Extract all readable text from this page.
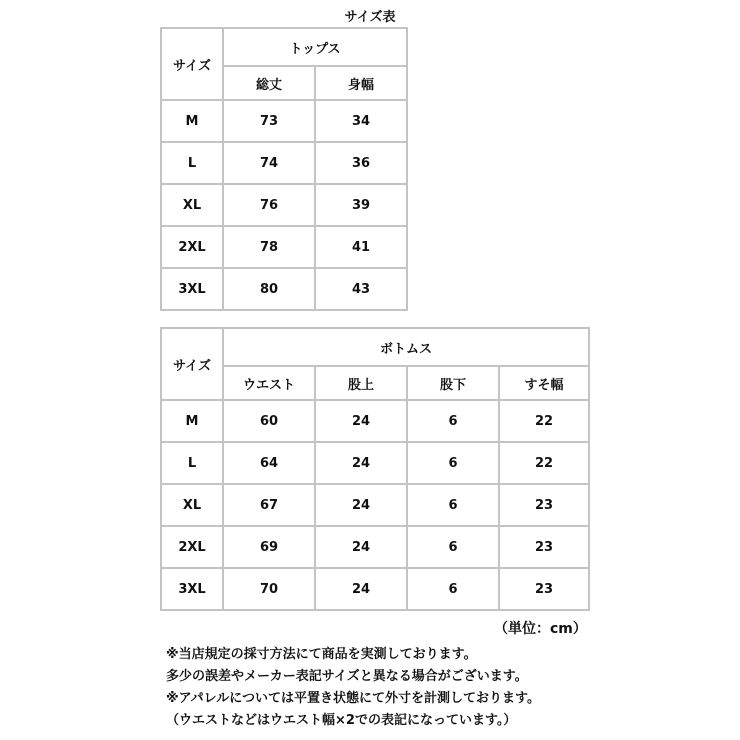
サイズ表
サイズ	トップス	
	総丈	身幅
M	73	34
L	74	36
XL	76	39
2XL	78	41
3XL	80	43
サイズ	ボトムス			
	ウエスト	股上	股下	すそ幅
M	60	24	6	22
L	64	24	6	22
XL	67	24	6	23
2XL	69	24	6	23
3XL	70	24	6	23
（単位：cm）
※当店規定の採寸方法にて商品を実測しております。
多少の誤差やメーカー表記サイズと異なる場合がございます。
※アパレルについては平置き状態にて外寸を計測しております。
（ウエストなどはウエスト幅×2での表記になっています。）
